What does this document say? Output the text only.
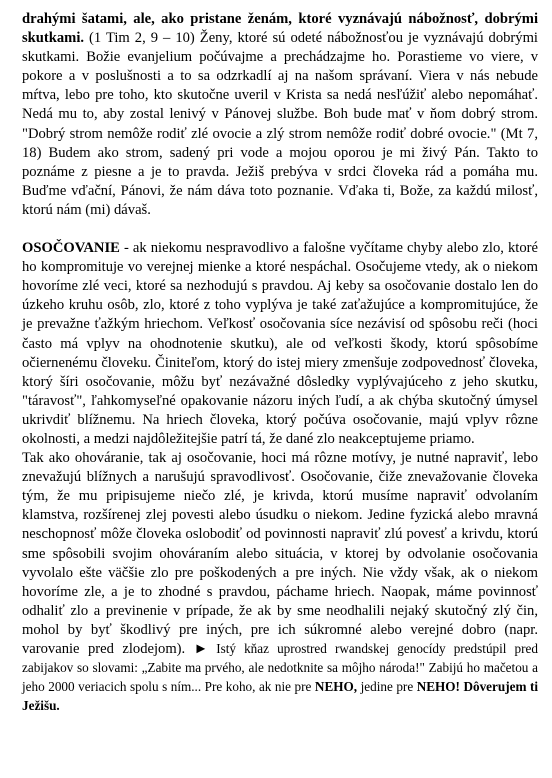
drahými šatami, ale, ako pristane ženám, ktoré vyznávajú nábožnosť, dobrými skutkami. (1 Tim 2, 9 – 10) Ženy, ktoré sú odeté nábožnosťou je vyznávajú dobrými skutkami. Božie evanjelium počúvajme a prechádzajme ho. Porastieme vo viere, v pokore a v poslušnosti a to sa odzrkadlí aj na našom správaní. Viera v nás nebude mŕtva, lebo pre toho, kto skutočne uveril v Krista sa nedá nesľúžiť alebo nepomáhať. Nedá mu to, aby zostal lenivý v Pánovej službe. Boh bude mať v ňom dobrý strom. "Dobrý strom nemôže rodiť zlé ovocie a zlý strom nemôže rodiť dobré ovocie." (Mt 7, 18) Budem ako strom, sadený pri vode a mojou oporou je mi živý Pán. Takto to poznáme z piesne a je to pravda. Ježiš prebýva v srdci človeka rád a pomáha mu. Buďme vďační, Pánovi, že nám dáva toto poznanie. Vďaka ti, Bože, za každú milosť, ktorú nám (mi) dávaš.

OSOČOVANIE - ak niekomu nespravodlivo a falošne vyčítame chyby alebo zlo, ktoré ho kompromituje vo verejnej mienke a ktoré nespáchal. Osočujeme vtedy, ak o niekom hovoríme zlé veci, ktoré sa nezhodujú s pravdou. Aj keby sa osočovanie dostalo len do úzkeho kruhu osôb, zlo, ktoré z toho vyplýva je také zaťažujúce a kompromitujúce, že je prevažne ťažkým hriechom. Veľkosť osočovania síce nezávisí od spôsobu reči (hoci často má vplyv na ohodnotenie skutku), ale od veľkosti škody, ktorú spôsobíme očiernenému človeku. Činiteľom, ktorý do istej miery zmenšuje zodpovednosť človeka, ktorý šíri osočovanie, môžu byť nezávažné dôsledky vyplývajúceho z jeho skutku, "táravosť", ľahkomyseľné opakovanie názoru iných ľudí, a ak chýba skutočný úmysel ukrivdiť blížnemu. Na hriech človeka, ktorý počúva osočovanie, majú vplyv rôzne okolnosti, a medzi najdôležitejšie patrí tá, že dané zlo neakceptujeme priamo.

Tak ako ohováranie, tak aj osočovanie, hoci má rôzne motívy, je nutné napraviť, lebo znevažujú blížnych a narušujú spravodlivosť. Osočovanie, čiže znevažovanie človeka tým, že mu pripisujeme niečo zlé, je krivda, ktorú musíme napraviť odvolaním klamstva, rozšírenej zlej povesti alebo úsudku o niekom. Jedine fyzická alebo mravná neschopnosť môže človeka oslobodiť od povinnosti napraviť zlú povesť a krivdu, ktorú sme spôsobili svojim ohováraním alebo situácia, v ktorej by odvolanie osočovania vyvolalo ešte väčšie zlo pre poškodených a pre iných. Nie vždy však, ak o niekom hovoríme zle, a je to zhodné s pravdou, páchame hriech. Naopak, máme povinnosť odhaliť zlo a previnenie v prípade, že ak by sme neodhalili nejaký skutočný zlý čin, mohol by byť škodlivý pre iných, pre ich súkromné alebo verejné dobro (napr. varovanie pred zlodejom). ► Istý kňaz uprostred rwandskej genocídy predstúpil pred zabijakov so slovami: „Zabite ma prvého, ale nedotknite sa môjho národa!" Zabijú ho mačetou a jeho 2000 veriacich spolu s ním... Pre koho, ak nie pre NEHO, jedine pre NEHO! Dôverujem ti Ježišu.
